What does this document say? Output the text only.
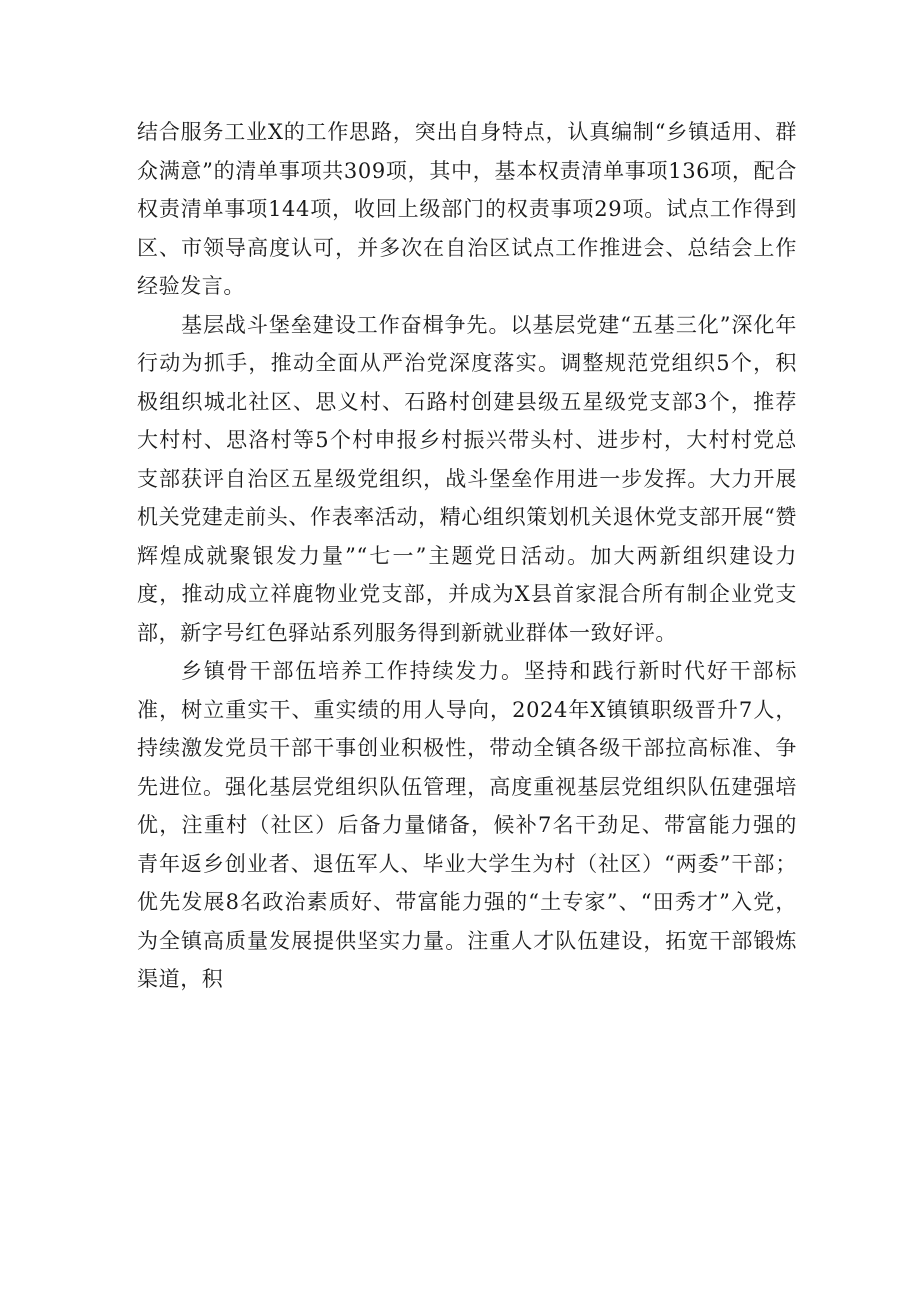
结合服务工业X的工作思路，突出自身特点，认真编制“乡镇适用、群众满意”的清单事项共309项，其中，基本权责清单事项136项，配合权责清单事项144项，收回上级部门的权责事项29项。试点工作得到区、市领导高度认可，并多次在自治区试点工作推进会、总结会上作经验发言。

基层战斗堡垒建设工作奋楫争先。以基层党建“五基三化”深化年行动为抓手，推动全面从严治党深度落实。调整规范党组织5个，积极组织城北社区、思义村、石路村创建县级五星级党支部3个，推荐大村村、思洛村等5个村申报乡村振兴带头村、进步村，大村村党总支部获评自治区五星级党组织，战斗堡垒作用进一步发挥。大力开展机关党建走前头、作表率活动，精心组织策划机关退休党支部开展“赞辉煌成就聚银发力量”“七一”主题党日活动。加大两新组织建设力度，推动成立祥鹿物业党支部，并成为X县首家混合所有制企业党支部，新字号红色驿站系列服务得到新就业群体一致好评。

乡镇骨干部伍培养工作持续发力。坚持和践行新时代好干部标准，树立重实干、重实绩的用人导向，2024年X镇镇职级晋升7人，持续激发党员干部干事创业积极性，带动全镇各级干部拉高标准、争先进位。强化基层党组织队伍管理，高度重视基层党组织队伍建强培优，注重村（社区）后备力量储备，候补7名干劲足、带富能力强的青年返乡创业者、退伍军人、毕业大学生为村（社区）“两委”干部；优先发展8名政治素质好、带富能力强的“土专家”、“田秀才”入党，为全镇高质量发展提供坚实力量。注重人才队伍建设，拓宽干部锻炼渠道，积
